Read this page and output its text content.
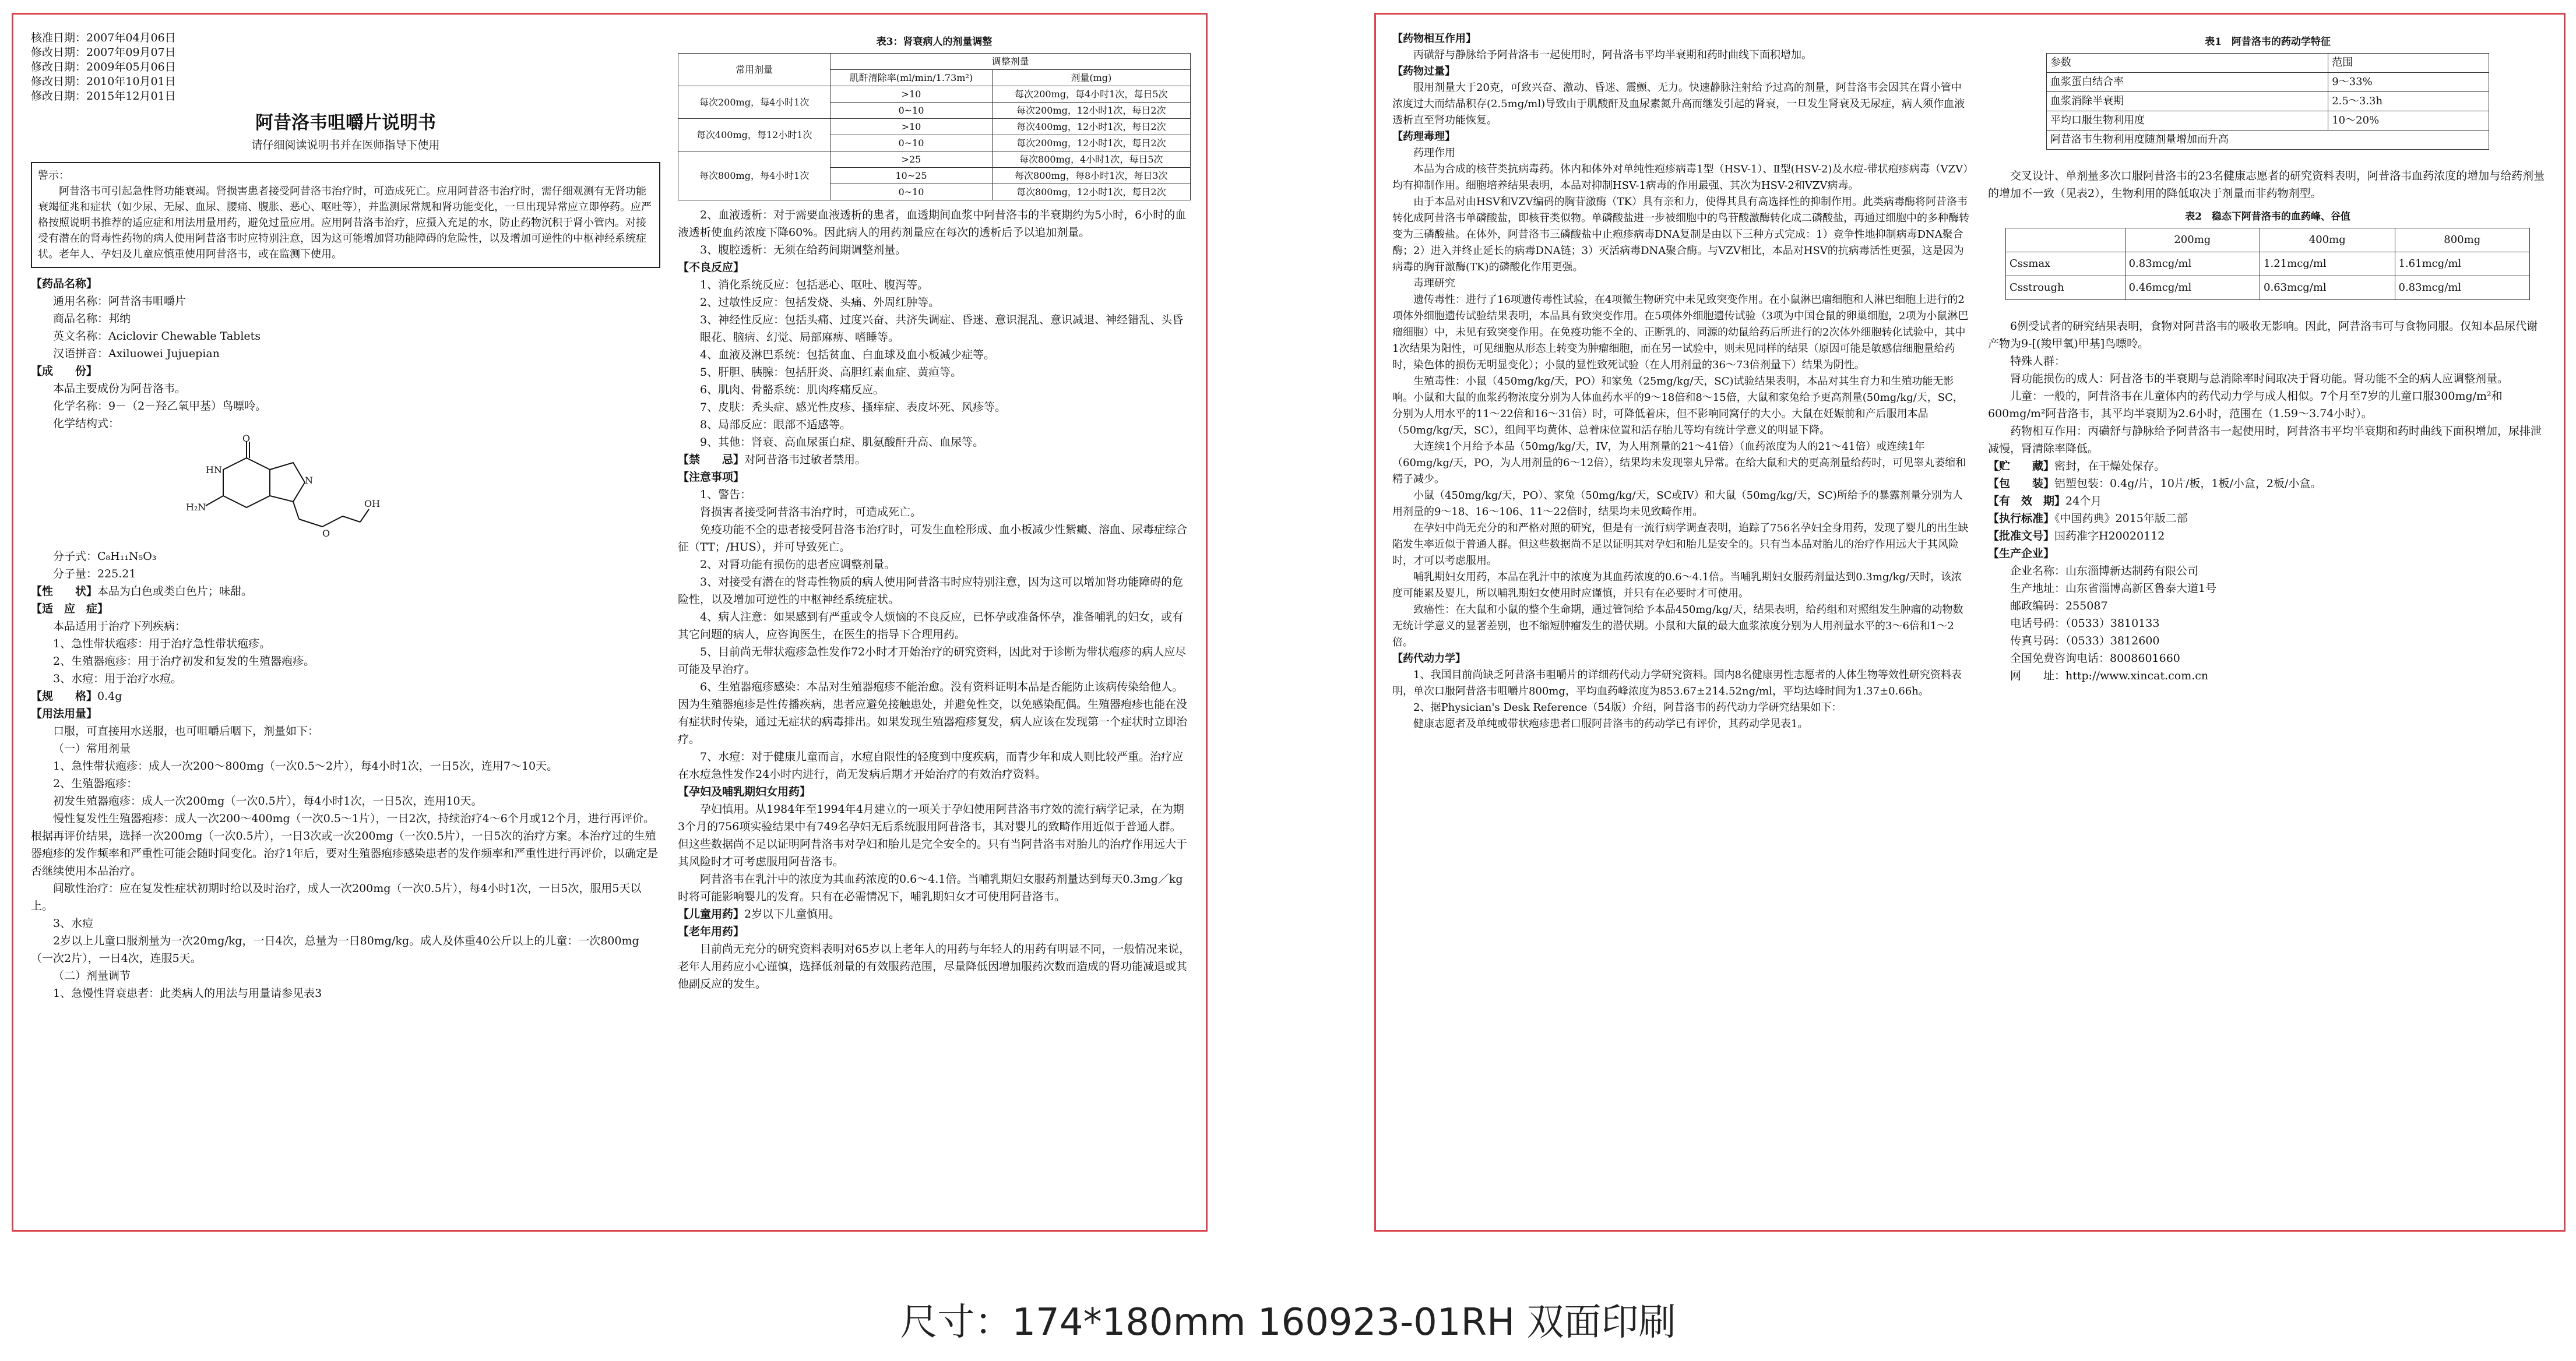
核准日期：2007年04月06日

修改日期：2007年09月07日

修改日期：2009年05月06日

修改日期：2010年10月01日

修改日期：2015年12月01日

阿昔洛韦咀嚼片说明书
请仔细阅读说明书并在医师指导下使用

警示：

阿昔洛韦可引起急性肾功能衰竭。肾损害患者接受阿昔洛韦治疗时，可造成死亡。应用阿昔洛韦治疗时，需仔细观测有无肾功能衰竭征兆和症状（如少尿、无尿、血尿、腰痛、腹胀、恶心、呕吐等），并监测尿常规和肾功能变化，一旦出现异常应立即停药。应严格按照说明书推荐的适应症和用法用量用药，避免过量应用。应用阿昔洛韦治疗，应摄入充足的水，防止药物沉积于肾小管内。对接受有潜在的肾毒性药物的病人使用阿昔洛韦时应特别注意，因为这可能增加肾功能障碍的危险性，以及增加可逆性的中枢神经系统症状。老年人、孕妇及儿童应慎重使用阿昔洛韦，或在监测下使用。

【药品名称】

通用名称：阿昔洛韦咀嚼片

商品名称：邦纳

英文名称：Aciclovir Chewable Tablets

汉语拼音：Axiluowei Jujuepian

【成　　份】

本品主要成份为阿昔洛韦。

化学名称：9－（2－羟乙氧甲基）鸟嘌呤。

化学结构式：

O
HN
H₂N
N
O
OH

分子式：C₈H₁₁N₅O₃

分子量：225.21

【性　　状】本品为白色或类白色片；味甜。

【适　应　症】

本品适用于治疗下列疾病：

1、急性带状疱疹：用于治疗急性带状疱疹。

2、生殖器疱疹：用于治疗初发和复发的生殖器疱疹。

3、水痘：用于治疗水痘。

【规　　格】0.4g

【用法用量】

口服，可直接用水送服，也可咀嚼后咽下，剂量如下：

（一）常用剂量

1、急性带状疱疹：成人一次200～800mg（一次0.5～2片），每4小时1次，一日5次，连用7～10天。

2、生殖器疱疹：

初发生殖器疱疹：成人一次200mg（一次0.5片），每4小时1次，一日5次，连用10天。

慢性复发性生殖器疱疹：成人一次200～400mg（一次0.5～1片），一日2次，持续治疗4～6个月或12个月，进行再评价。根据再评价结果，选择一次200mg（一次0.5片），一日3次或一次200mg（一次0.5片），一日5次的治疗方案。本治疗过的生殖器疱疹的发作频率和严重性可能会随时间变化。治疗1年后，要对生殖器疱疹感染患者的发作频率和严重性进行再评价，以确定是否继续使用本品治疗。

间歇性治疗：应在复发性症状初期时给以及时治疗，成人一次200mg（一次0.5片），每4小时1次，一日5次，服用5天以上。

3、水痘

2岁以上儿童口服剂量为一次20mg/kg，一日4次，总量为一日80mg/kg。成人及体重40公斤以上的儿童：一次800mg（一次2片），一日4次，连服5天。

（二）剂量调节

1、急慢性肾衰患者：此类病人的用法与用量请参见表3

表3：肾衰病人的剂量调整
常用剂量	调整剂量	
	肌酐清除率(ml/min/1.73m²)	剂量(mg)
每次200mg，每4小时1次	>10	每次200mg，每4小时1次，每日5次
	0~10	每次200mg，12小时1次，每日2次
每次400mg，每12小时1次	>10	每次400mg，12小时1次，每日2次
	0~10	每次200mg，12小时1次，每日2次
每次800mg，每4小时1次	>25	每次800mg，4小时1次，每日5次
	10~25	每次800mg，每8小时1次，每日3次
	0~10	每次800mg，12小时1次，每日2次

2、血液透析：对于需要血液透析的患者，血透期间血浆中阿昔洛韦的半衰期约为5小时，6小时的血液透析使血药浓度下降60%。因此病人的用药剂量应在每次的透析后予以追加剂量。

3、腹腔透析：无须在给药间期调整剂量。

【不良反应】

1、消化系统反应：包括恶心、呕吐、腹泻等。

2、过敏性反应：包括发烧、头痛、外周红肿等。

3、神经性反应：包括头痛、过度兴奋、共济失调症、昏迷、意识混乱、意识减退、神经错乱、头昏眼花、脑病、幻觉、局部麻痹、嗜睡等。

4、血液及淋巴系统：包括贫血、白血球及血小板减少症等。

5、肝胆、胰腺：包括肝炎、高胆红素血症、黄疸等。

6、肌肉、骨骼系统：肌肉疼痛反应。

7、皮肤：秃头症、感光性皮疹、搔痒症、表皮坏死、风疹等。

8、局部反应：眼部不适感等。

9、其他：肾衰、高血尿蛋白症、肌氨酸酐升高、血尿等。

【禁　　忌】对阿昔洛韦过敏者禁用。

【注意事项】

1、警告：

肾损害者接受阿昔洛韦治疗时，可造成死亡。

免疫功能不全的患者接受阿昔洛韦治疗时，可发生血栓形成、血小板减少性紫癜、溶血、尿毒症综合征（TT；/HUS），并可导致死亡。

2、对肾功能有损伤的患者应调整剂量。

3、对接受有潜在的肾毒性物质的病人使用阿昔洛韦时应特别注意，因为这可以增加肾功能障碍的危险性，以及增加可逆性的中枢神经系统症状。

4、病人注意：如果感到有严重或令人烦恼的不良反应，已怀孕或准备怀孕，准备哺乳的妇女，或有其它问题的病人，应咨询医生，在医生的指导下合理用药。

5、目前尚无带状疱疹急性发作72小时才开始治疗的研究资料，因此对于诊断为带状疱疹的病人应尽可能及早治疗。

6、生殖器疱疹感染：本品对生殖器疱疹不能治愈。没有资料证明本品是否能防止该病传染给他人。因为生殖器疱疹是性传播疾病，患者应避免接触患处，并避免性交，以免感染配偶。生殖器疱疹也能在没有症状时传染，通过无症状的病毒排出。如果发现生殖器疱疹复发，病人应该在发现第一个症状时立即治疗。

7、水痘：对于健康儿童而言，水痘自限性的轻度到中度疾病，而青少年和成人则比较严重。治疗应在水痘急性发作24小时内进行，尚无发病后期才开始治疗的有效治疗资料。

【孕妇及哺乳期妇女用药】

孕妇慎用。从1984年至1994年4月建立的一项关于孕妇使用阿昔洛韦疗效的流行病学记录，在为期3个月的756项实验结果中有749名孕妇无后系统服用阿昔洛韦，其对婴儿的致畸作用近似于普通人群。但这些数据尚不足以证明阿昔洛韦对孕妇和胎儿是完全安全的。只有当阿昔洛韦对胎儿的治疗作用远大于其风险时才可考虑服用阿昔洛韦。

阿昔洛韦在乳汁中的浓度为其血药浓度的0.6～4.1倍。当哺乳期妇女服药剂量达到每天0.3mg／kg时将可能影响婴儿的发育。只有在必需情况下，哺乳期妇女才可使用阿昔洛韦。

【儿童用药】2岁以下儿童慎用。

【老年用药】

目前尚无充分的研究资料表明对65岁以上老年人的用药与年轻人的用药有明显不同，一般情况来说，老年人用药应小心谨慎，选择低剂量的有效服药范围，尽量降低因增加服药次数而造成的肾功能减退或其他副反应的发生。

【药物相互作用】

丙磺舒与静脉给予阿昔洛韦一起使用时，阿昔洛韦平均半衰期和药时曲线下面积增加。

【药物过量】

服用剂量大于20克，可致兴奋、激动、昏迷、震颤、无力。快速静脉注射给予过高的剂量，阿昔洛韦会因其在肾小管中浓度过大而结晶积存(2.5mg/ml)导致由于肌酸酐及血尿素氮升高而继发引起的肾衰，一旦发生肾衰及无尿症，病人须作血液透析直至肾功能恢复。

【药理毒理】

药理作用

本品为合成的核苷类抗病毒药。体内和体外对单纯性疱疹病毒1型（HSV-1）、Ⅱ型(HSV-2)及水痘-带状疱疹病毒（VZV）均有抑制作用。细胞培养结果表明，本品对抑制HSV-1病毒的作用最强、其次为HSV-2和VZV病毒。

由于本品对由HSV和VZV编码的胸苷激酶（TK）具有亲和力，使得其具有高选择性的抑制作用。此类病毒酶将阿昔洛韦转化成阿昔洛韦单磷酸盐，即核苷类似物。单磷酸盐进一步被细胞中的鸟苷酸激酶转化成二磷酸盐，再通过细胞中的多种酶转变为三磷酸盐。在体外，阿昔洛韦三磷酸盐中止疱疹病毒DNA复制是由以下三种方式完成：1）竞争性地抑制病毒DNA聚合酶；2）进入并终止延长的病毒DNA链；3）灭活病毒DNA聚合酶。与VZV相比，本品对HSV的抗病毒活性更强，这是因为病毒的胸苷激酶(TK)的磷酸化作用更强。

毒理研究

遗传毒性：进行了16项遗传毒性试验，在4项微生物研究中未见致突变作用。在小鼠淋巴瘤细胞和人淋巴细胞上进行的2项体外细胞遗传试验结果表明，本品具有致突变作用。在5项体外细胞遗传试验（3项为中国仓鼠的卵巢细胞，2项为小鼠淋巴瘤细胞）中，未见有致突变作用。在免疫功能不全的、正断乳的、同源的幼鼠给药后所进行的2次体外细胞转化试验中，其中1次结果为阳性，可见细胞从形态上转变为肿瘤细胞，而在另一试验中，则未见同样的结果（原因可能是敏感信细胞量给药时，染色体的损伤无明显变化）；小鼠的显性致死试验（在人用剂量的36～73倍剂量下）结果为阴性。

生殖毒性：小鼠（450mg/kg/天，PO）和家兔（25mg/kg/天，SC)试验结果表明，本品对其生育力和生殖功能无影响。小鼠和大鼠的血浆药物浓度分别为人体血药水平的9～18倍和8～15倍，大鼠和家兔给予更高剂量(50mg/kg/天，SC，分别为人用水平的11～22倍和16～31倍）时，可降低着床，但不影响同窝仔的大小。大鼠在妊娠前和产后服用本品（50mg/kg/天，SC），组间平均黄体、总着床位置和活存胎儿等均有统计学意义的明显下降。

大连续1个月给予本品（50mg/kg/天，IV，为人用剂量的21～41倍）（血药浓度为人的21～41倍）或连续1年（60mg/kg/天，PO，为人用剂量的6～12倍），结果均未发现睾丸异常。在给大鼠和犬的更高剂量给药时，可见睾丸萎缩和精子减少。

小鼠（450mg/kg/天，PO）、家兔（50mg/kg/天，SC或IV）和大鼠（50mg/kg/天，SC)所给予的暴露剂量分别为人用剂量的9～18、16～106、11～22倍时，结果均未见致畸作用。

在孕妇中尚无充分的和严格对照的研究，但是有一流行病学调查表明，追踪了756名孕妇全身用药，发现了婴儿的出生缺陷发生率近似于普通人群。但这些数据尚不足以证明其对孕妇和胎儿是安全的。只有当本品对胎儿的治疗作用远大于其风险时，才可以考虑服用。

哺乳期妇女用药，本品在乳汁中的浓度为其血药浓度的0.6～4.1倍。当哺乳期妇女服药剂量达到0.3mg/kg/天时，该浓度可能累及婴儿，所以哺乳期妇女使用时应谨慎，并只有在必要时才可使用。

致癌性：在大鼠和小鼠的整个生命期，通过管饲给予本品450mg/kg/天，结果表明，给药组和对照组发生肿瘤的动物数无统计学意义的显著差别，也不缩短肿瘤发生的潜伏期。小鼠和大鼠的最大血浆浓度分别为人用剂量水平的3～6倍和1～2倍。

【药代动力学】

1、我国目前尚缺乏阿昔洛韦咀嚼片的详细药代动力学研究资料。国内8名健康男性志愿者的人体生物等效性研究资料表明，单次口服阿昔洛韦咀嚼片800mg，平均血药峰浓度为853.67±214.52ng/ml，平均达峰时间为1.37±0.66h。

2、据Physician's Desk Reference（54版）介绍，阿昔洛韦的药代动力学研究结果如下：

健康志愿者及单纯或带状疱疹患者口服阿昔洛韦的药动学已有评价，其药动学见表1。

表1　阿昔洛韦的药动学特征
参数	范围
血浆蛋白结合率	9～33%
血浆消除半衰期	2.5～3.3h
平均口服生物利用度	10～20%
阿昔洛韦生物利用度随剂量增加而升高	

交叉设计、单剂量多次口服阿昔洛韦的23名健康志愿者的研究资料表明，阿昔洛韦血药浓度的增加与给药剂量的增加不一致（见表2），生物利用的降低取决于剂量而非药物剂型。

表2　稳态下阿昔洛韦的血药峰、谷值
	200mg	400mg	800mg
Cssmax	0.83mcg/ml	1.21mcg/ml	1.61mcg/ml
Csstrough	0.46mcg/ml	0.63mcg/ml	0.83mcg/ml

6例受试者的研究结果表明，食物对阿昔洛韦的吸收无影响。因此，阿昔洛韦可与食物同服。仅知本品尿代谢产物为9-[(羧甲氧)甲基]鸟嘌呤。

特殊人群：

肾功能损伤的成人：阿昔洛韦的半衰期与总消除率时间取决于肾功能。肾功能不全的病人应调整剂量。

儿童：一般的，阿昔洛韦在儿童体内的药代动力学与成人相似。7个月至7岁的儿童口服300mg/m²和600mg/m²阿昔洛韦，其平均半衰期为2.6小时，范围在（1.59～3.74小时）。

药物相互作用：丙磺舒与静脉给予阿昔洛韦一起使用时，阿昔洛韦平均半衰期和药时曲线下面积增加，尿排泄减慢，肾清除率降低。

【贮　　藏】密封，在干燥处保存。

【包　　装】铝塑包装：0.4g/片，10片/板，1板/小盒，2板/小盒。

【有　效　期】24个月

【执行标准】《中国药典》2015年版二部

【批准文号】国药准字H20020112

【生产企业】

企业名称：山东淄博新达制药有限公司

生产地址：山东省淄博高新区鲁泰大道1号

邮政编码：255087

电话号码：（0533）3810133

传真号码：（0533）3812600

全国免费咨询电话：8008601660

网　　址：http://www.xincat.com.cn

尺寸：174*180mm 160923-01RH 双面印刷
